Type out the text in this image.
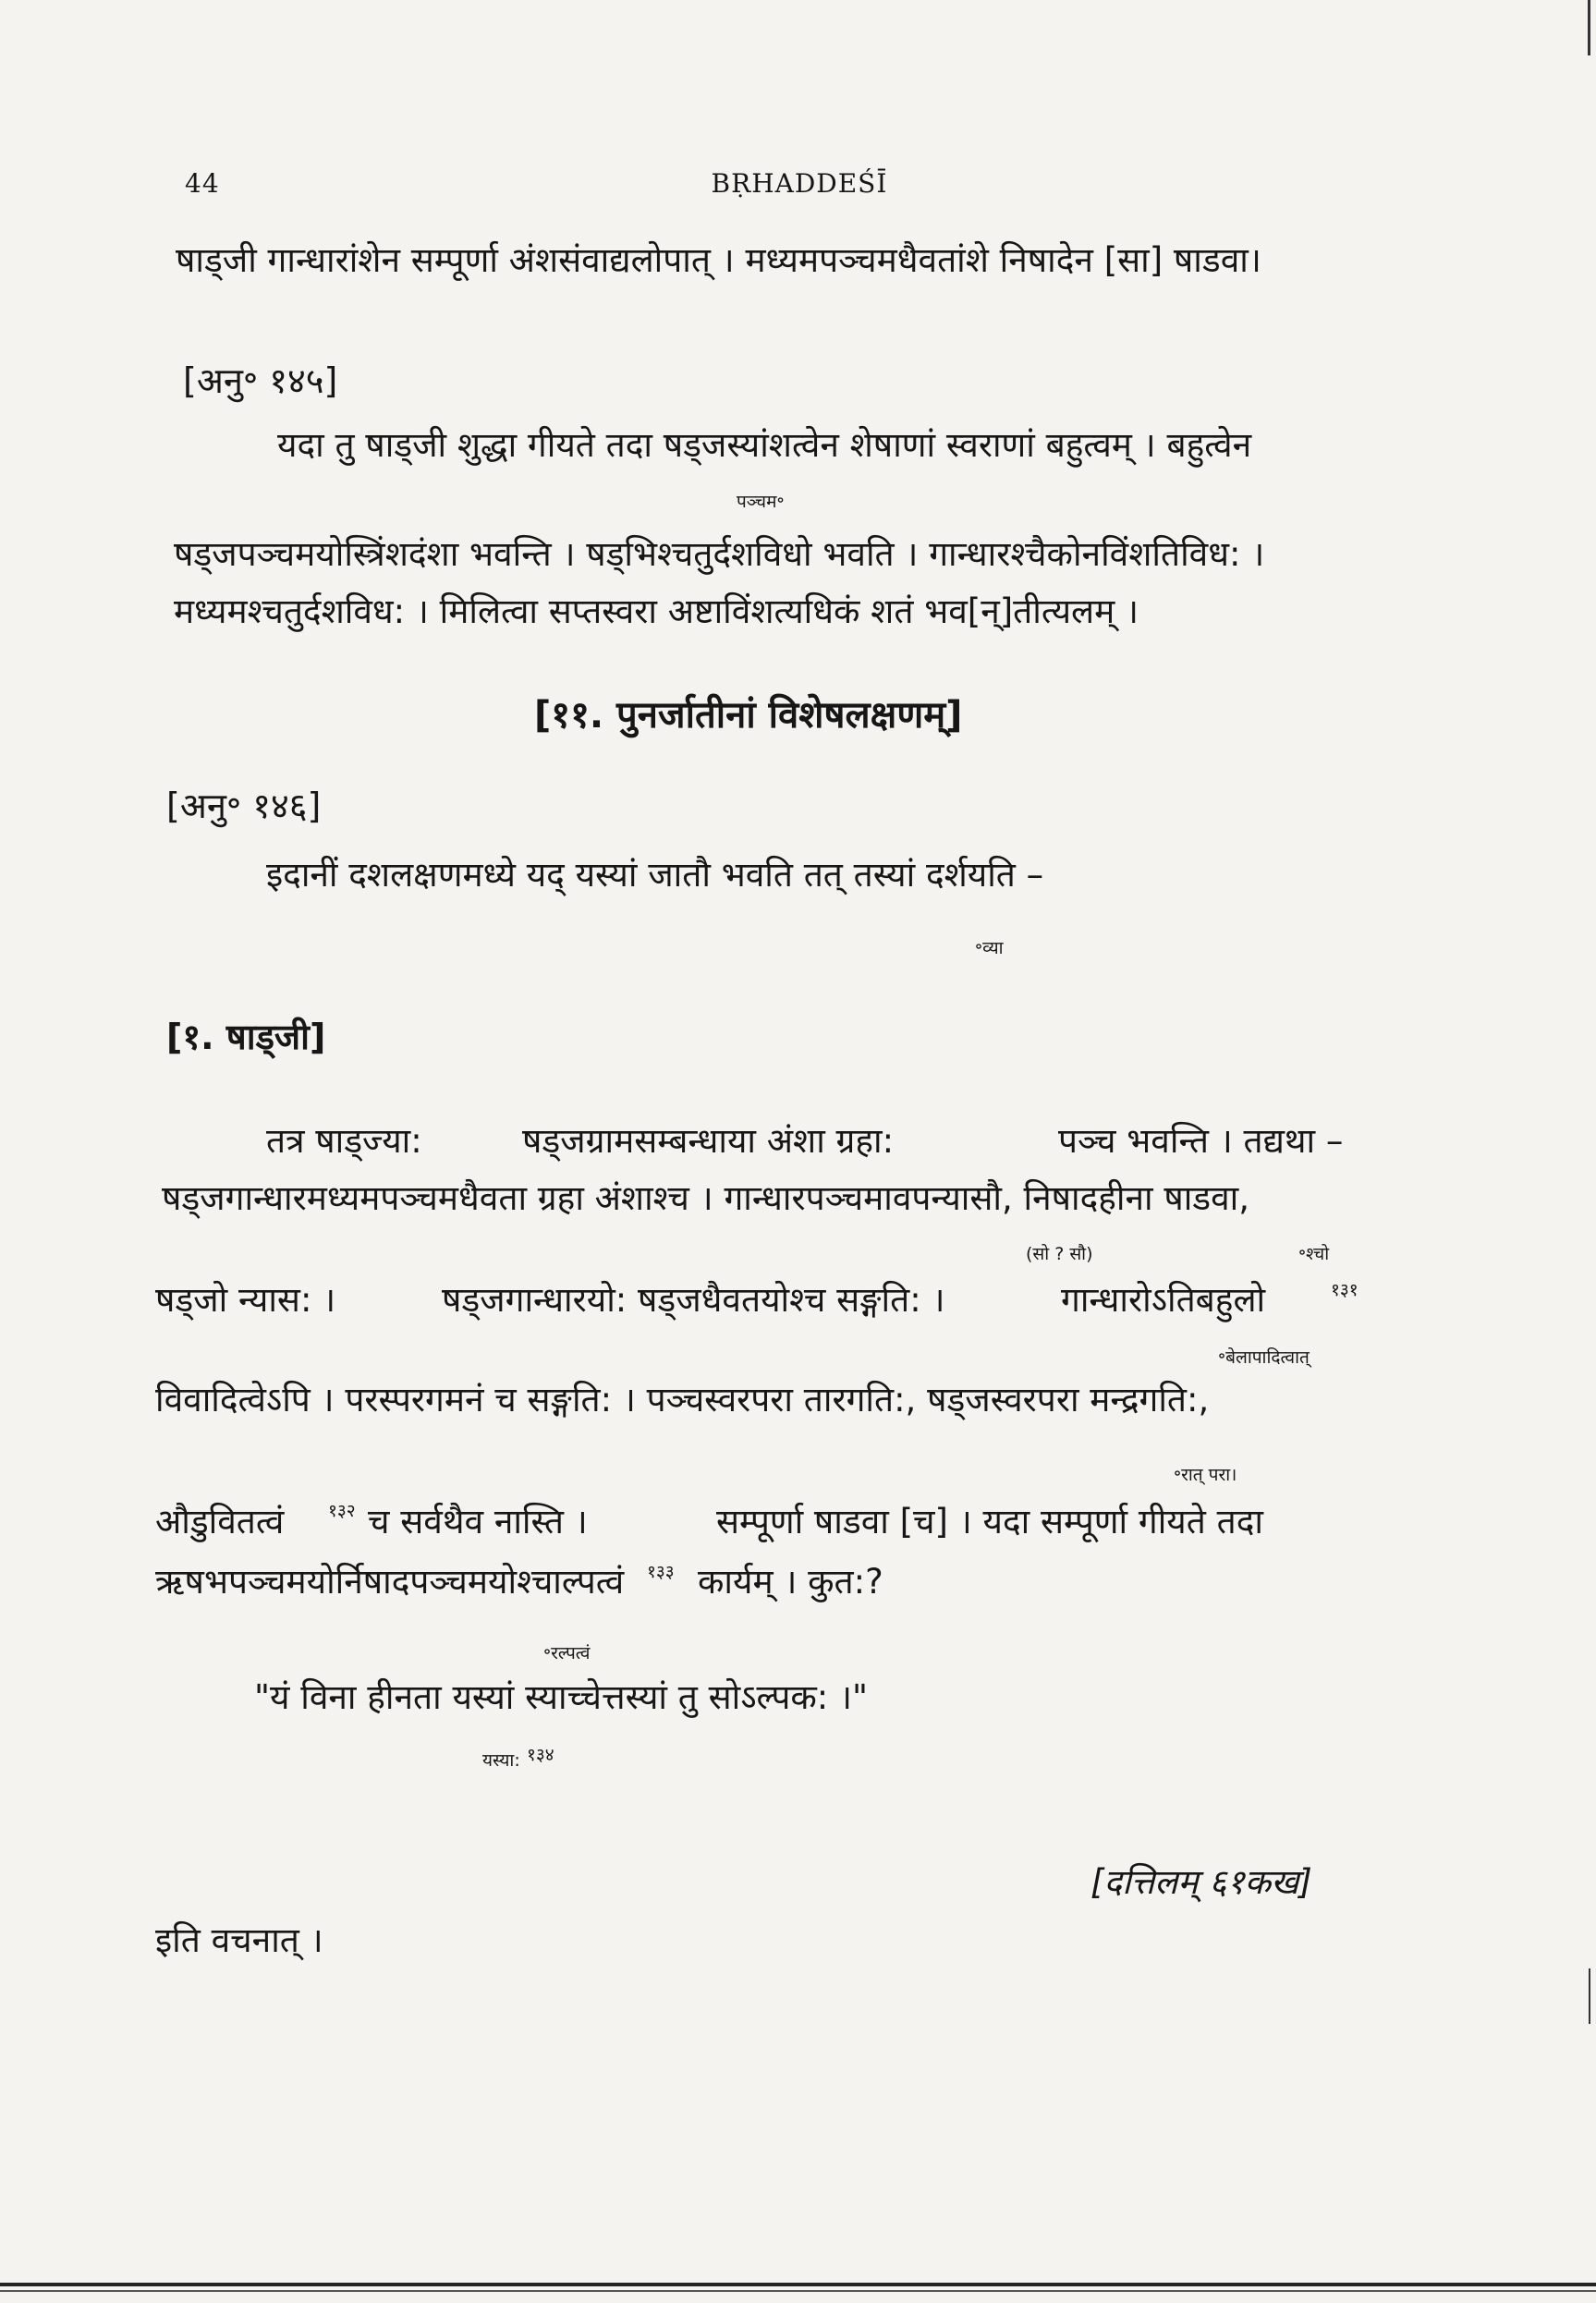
44	BṚHADDEŚĪ
षाड्जी गान्धारांशेन सम्पूर्णा अंशसंवाद्यलोपात् । मध्यमपञ्चमधैवतांशे निषादेन [सा] षाडवा।
[अनु॰ १४५]
यदा तु षाड्जी शुद्धा गीयते तदा षड्जस्यांशत्वेन शेषाणां स्वराणां बहुत्वम् । बहुत्वेन
पञ्चम॰
षड्जपञ्चमयोस्त्रिंशदंशा भवन्ति । षड्भिश्चतुर्दशविधो भवति । गान्धारश्चैकोनविंशतिविध: ।
मध्यमश्चतुर्दशविध: । मिलित्वा सप्तस्वरा अष्टाविंशत्यधिकं शतं भव[न्]तीत्यलम् ।
[११. पुनर्जातीनां विशेषलक्षणम्]
[अनु॰ १४६]
इदानीं दशलक्षणमध्ये यद् यस्यां जातौ भवति तत् तस्यां दर्शयति –
॰व्या
[१. षाड्जी]
तत्र षाड्ज्या:	षड्जग्रामसम्बन्धाया अंशा ग्रहा:	पञ्च भवन्ति । तद्यथा –
षड्जगान्धारमध्यमपञ्चमधैवता ग्रहा अंशाश्च । गान्धारपञ्चमावपन्यासौ, निषादहीना षाडवा,
(सो ? सौ)	॰श्चो
षड्जो न्यास: ।	षड्जगान्धारयो: षड्जधैवतयोश्च सङ्गति: ।	गान्धारोऽतिबहुलो	१३१
॰बेलापादित्वात्
विवादित्वेऽपि । परस्परगमनं च सङ्गति: । पञ्चस्वरपरा तारगति:, षड्जस्वरपरा मन्द्रगति:,
॰रात् परा।
औडुवितत्वं	१३२ च सर्वथैव नास्ति ।	सम्पूर्णा षाडवा [च] । यदा सम्पूर्णा गीयते तदा
ऋषभपञ्चमयोर्निषादपञ्चमयोश्चाल्पत्वं १३३ कार्यम् । कुत:?
॰रल्पत्वं
"यं विना हीनता यस्यां स्याच्चेत्तस्यां तु सोऽल्पक: ।"
यस्या: १३४
[दत्तिलम् ६१कख]
इति वचनात् ।
